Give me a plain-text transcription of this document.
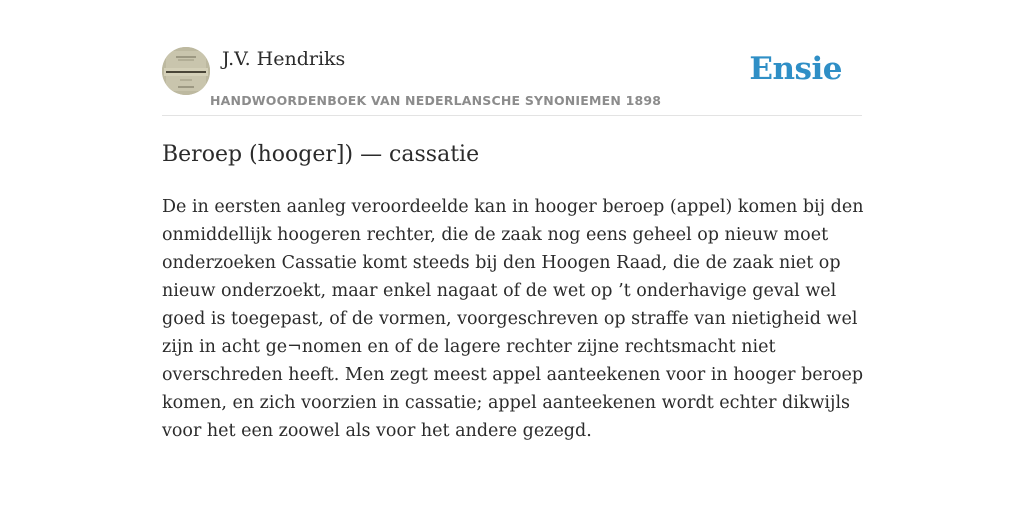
J.V. Hendriks
HANDWOORDENBOEK VAN NEDERLANSCHE SYNONIEMEN 1898
Ensie
Beroep (hooger]) — cassatie

De in eersten aanleg veroordeelde kan in hooger beroep (appel) komen bij den onmiddellijk hoogeren rechter, die de zaak nog eens geheel op nieuw moet onderzoeken Cassatie komt steeds bij den Hoogen Raad, die de zaak niet op nieuw onderzoekt, maar enkel nagaat of de wet op ’t onderhavige geval wel goed is toegepast, of de vormen, voorgeschreven op straffe van nietigheid wel zijn in acht ge¬nomen en of de lagere rechter zijne rechtsmacht niet overschreden heeft. Men zegt meest appel aanteekenen voor in hooger beroep komen, en zich voorzien in cassatie; appel aanteekenen wordt echter dikwijls voor het een zoowel als voor het andere gezegd.
